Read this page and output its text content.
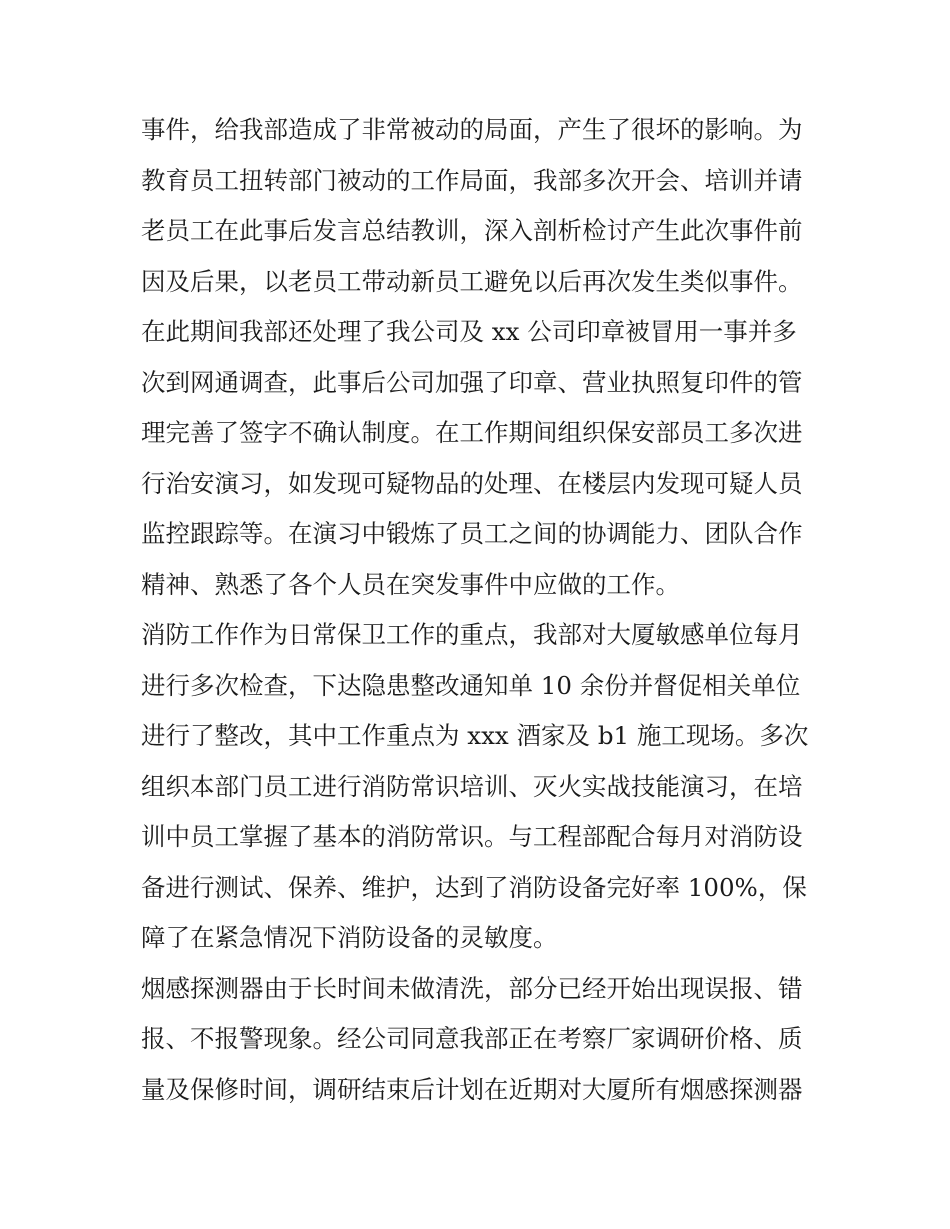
事件，给我部造成了非常被动的局面，产生了很坏的影响。为
教育员工扭转部门被动的工作局面，我部多次开会、培训并请
老员工在此事后发言总结教训，深入剖析检讨产生此次事件前
因及后果，以老员工带动新员工避免以后再次发生类似事件。
在此期间我部还处理了我公司及 xx 公司印章被冒用一事并多
次到网通调查，此事后公司加强了印章、营业执照复印件的管
理完善了签字不确认制度。在工作期间组织保安部员工多次进
行治安演习，如发现可疑物品的处理、在楼层内发现可疑人员
监控跟踪等。在演习中锻炼了员工之间的协调能力、团队合作
精神、熟悉了各个人员在突发事件中应做的工作。
消防工作作为日常保卫工作的重点，我部对大厦敏感单位每月
进行多次检查，下达隐患整改通知单 10 余份并督促相关单位
进行了整改，其中工作重点为 xxx 酒家及 b1 施工现场。多次
组织本部门员工进行消防常识培训、灭火实战技能演习，在培
训中员工掌握了基本的消防常识。与工程部配合每月对消防设
备进行测试、保养、维护，达到了消防设备完好率 100%，保
障了在紧急情况下消防设备的灵敏度。
烟感探测器由于长时间未做清洗，部分已经开始出现误报、错
报、不报警现象。经公司同意我部正在考察厂家调研价格、质
量及保修时间，调研结束后计划在近期对大厦所有烟感探测器
